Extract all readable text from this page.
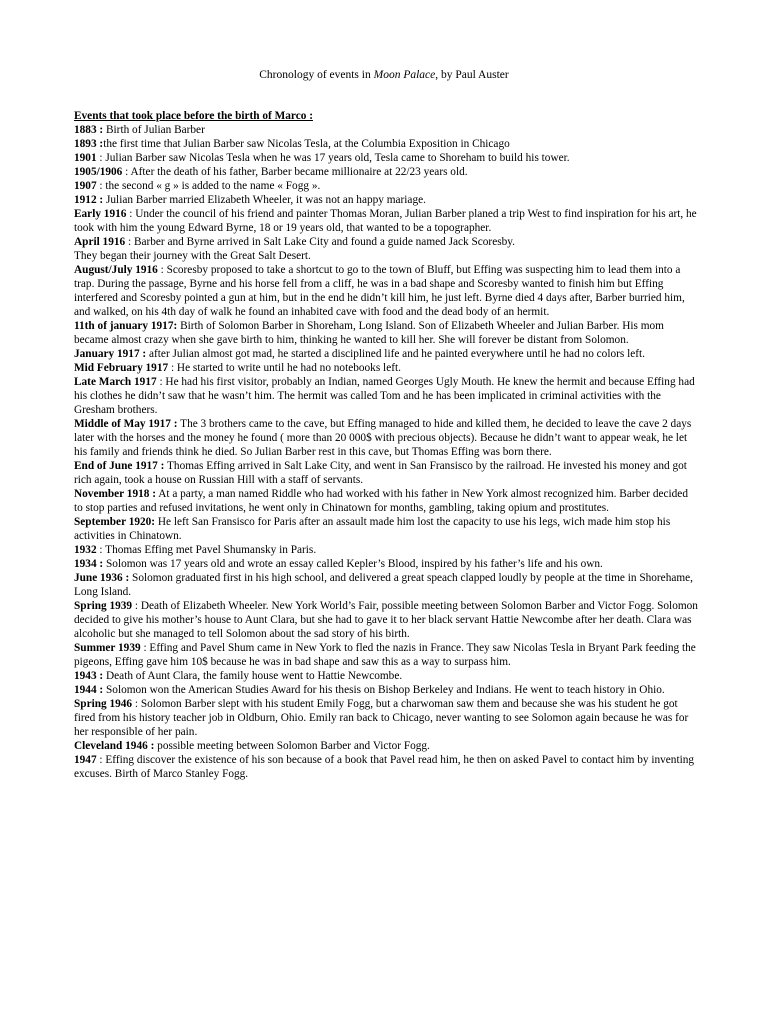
Chronology of events in Moon Palace, by Paul Auster

Events that took place before the birth of Marco :

1883 : Birth of Julian Barber

1893 :the first time that Julian Barber saw Nicolas Tesla, at the Columbia Exposition in Chicago

1901 : Julian Barber saw Nicolas Tesla when he was 17 years old, Tesla came to Shoreham to build his tower.

1905/1906 : After the death of his father, Barber became millionaire at 22/23 years old.

1907 : the second « g » is added to the name « Fogg ».

1912 : Julian Barber married Elizabeth Wheeler, it was not an happy mariage.

Early 1916 : Under the council of his friend and painter Thomas Moran, Julian Barber planed a trip West to find inspiration for his art, he took with him the young Edward Byrne, 18 or 19 years old, that wanted to be a topographer.

April 1916 : Barber and Byrne arrived in Salt Lake City and found a guide named Jack Scoresby.

They began their journey with the Great Salt Desert.

August/July 1916 : Scoresby proposed to take a shortcut to go to the town of Bluff, but Effing was suspecting him to lead them into a trap. During the passage, Byrne and his horse fell from a cliff, he was in a bad shape and Scoresby wanted to finish him but Effing interfered and Scoresby pointed a gun at him, but in the end he didn’t kill him, he just left. Byrne died 4 days after, Barber burried him, and walked, on his 4th day of walk he found an inhabited cave with food and the dead body of an hermit.

11th of january 1917: Birth of Solomon Barber in Shoreham, Long Island. Son of Elizabeth Wheeler and Julian Barber. His mom became almost crazy when she gave birth to him, thinking he wanted to kill her. She will forever be distant from Solomon.

January 1917 : after Julian almost got mad, he started a disciplined life and he painted everywhere until he had no colors left.

Mid February 1917 : He started to write until he had no notebooks left.

Late March 1917 : He had his first visitor, probably an Indian, named Georges Ugly Mouth. He knew the hermit and because Effing had his clothes he didn’t saw that he wasn’t him. The hermit was called Tom and he has been implicated in criminal activities with the Gresham brothers.

Middle of May 1917 : The 3 brothers came to the cave, but Effing managed to hide and killed them, he decided to leave the cave 2 days later with the horses and the money he found ( more than 20 000$ with precious objects). Because he didn’t want to appear weak, he let his family and friends think he died. So Julian Barber rest in this cave, but Thomas Effing was born there.

End of June 1917 : Thomas Effing arrived in Salt Lake City, and went in San Fransisco by the railroad. He invested his money and got rich again, took a house on Russian Hill with a staff of servants.

November 1918 : At a party, a man named Riddle who had worked with his father in New York almost recognized him. Barber decided to stop parties and refused invitations, he went only in Chinatown for months, gambling, taking opium and prostitutes.

September 1920: He left San Fransisco for Paris after an assault made him lost the capacity to use his legs, wich made him stop his activities in Chinatown.

1932 : Thomas Effing met Pavel Shumansky in Paris.

1934 : Solomon was 17 years old and wrote an essay called Kepler’s Blood, inspired by his father’s life and his own.

June 1936 : Solomon graduated first in his high school, and delivered a great speach clapped loudly by people at the time in Shorehame, Long Island.

Spring 1939 : Death of Elizabeth Wheeler. New York World’s Fair, possible meeting between Solomon Barber and Victor Fogg. Solomon decided to give his mother’s house to Aunt Clara, but she had to gave it to her black servant Hattie Newcombe after her death. Clara was alcoholic but she managed to tell Solomon about the sad story of his birth.

Summer 1939 : Effing and Pavel Shum came in New York to fled the nazis in France. They saw Nicolas Tesla in Bryant Park feeding the pigeons, Effing gave him 10$ because he was in bad shape and saw this as a way to surpass him.

1943 : Death of Aunt Clara, the family house went to Hattie Newcombe.

1944 : Solomon won the American Studies Award for his thesis on Bishop Berkeley and Indians. He went to teach history in Ohio.

Spring 1946 : Solomon Barber slept with his student Emily Fogg, but a charwoman saw them and because she was his student he got fired from his history teacher job in Oldburn, Ohio. Emily ran back to Chicago, never wanting to see Solomon again because he was for her responsible of her pain.

Cleveland 1946 : possible meeting between Solomon Barber and Victor Fogg.

1947 : Effing discover the existence of his son because of a book that Pavel read him, he then on asked Pavel to contact him by inventing excuses. Birth of Marco Stanley Fogg.
